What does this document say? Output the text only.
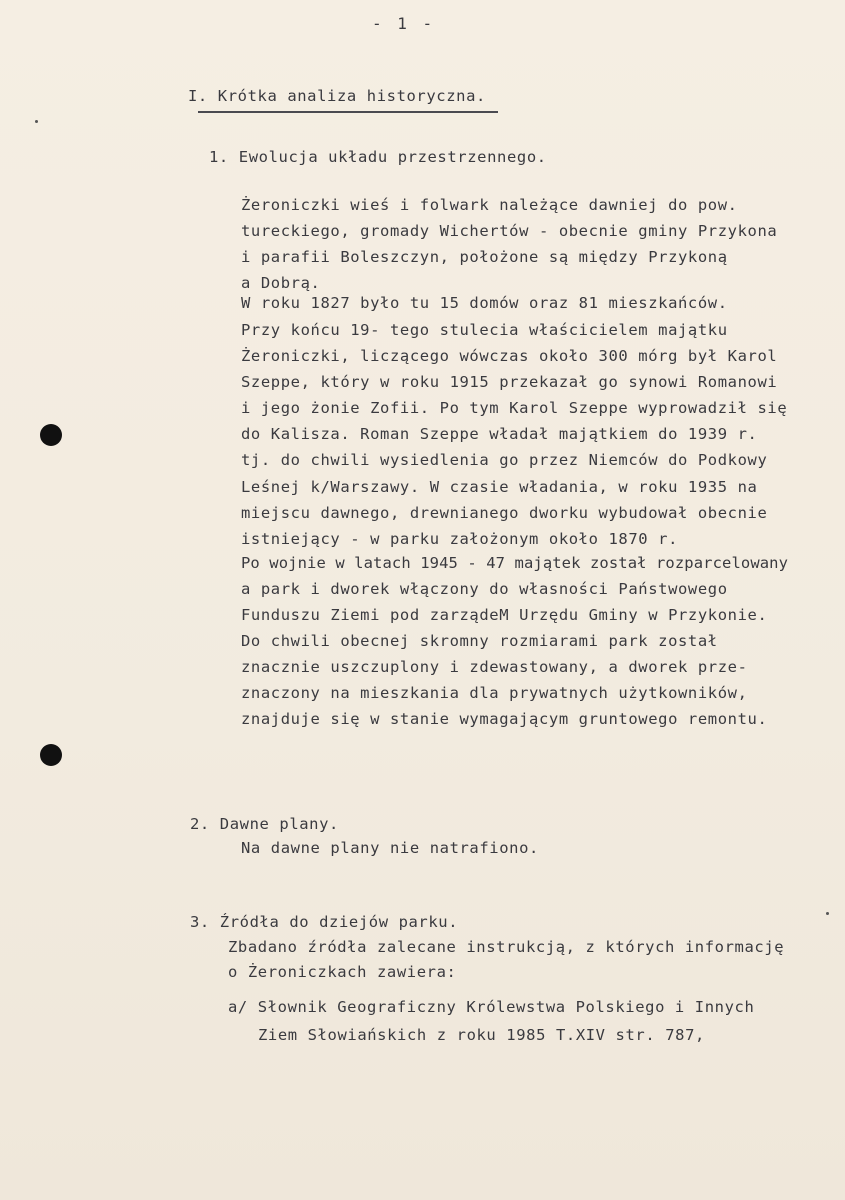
- 1 -
I. Krótka analiza historyczna.
1. Ewolucja układu przestrzennego.
Żeroniczki wieś i folwark należące dawniej do pow.
tureckiego, gromady Wichertów - obecnie gminy Przykona
i parafii Boleszczyn, położone są między Przykoną
a Dobrą.
W roku 1827 było tu 15 domów oraz 81 mieszkańców.
Przy końcu 19- tego stulecia właścicielem majątku
Żeroniczki, liczącego wówczas około 300 mórg był Karol
Szeppe, który w roku 1915 przekazał go synowi Romanowi
i jego żonie Zofii. Po tym Karol Szeppe wyprowadził się
do Kalisza. Roman Szeppe władał majątkiem do 1939 r.
tj. do chwili wysiedlenia go przez Niemców do Podkowy
Leśnej k/Warszawy. W czasie władania, w roku 1935 na
miejscu dawnego, drewnianego dworku wybudował obecnie
istniejący - w parku założonym około 1870 r.
Po wojnie w latach 1945 - 47 majątek został rozparcelowany
a park i dworek włączony do własności Państwowego
Funduszu Ziemi pod zarządeM Urzędu Gminy w Przykonie.
Do chwili obecnej skromny rozmiarami park został
znacznie uszczuplony i zdewastowany, a dworek prze-
znaczony na mieszkania dla prywatnych użytkowników,
znajduje się w stanie wymagającym gruntowego remontu.
2. Dawne plany.
Na dawne plany nie natrafiono.
3. Źródła do dziejów parku.
Zbadano źródła zalecane instrukcją, z których informację
o Żeroniczkach zawiera:
a/ Słownik Geograficzny Królewstwa Polskiego i Innych
Ziem Słowiańskich z roku 1985 T.XIV str. 787,
